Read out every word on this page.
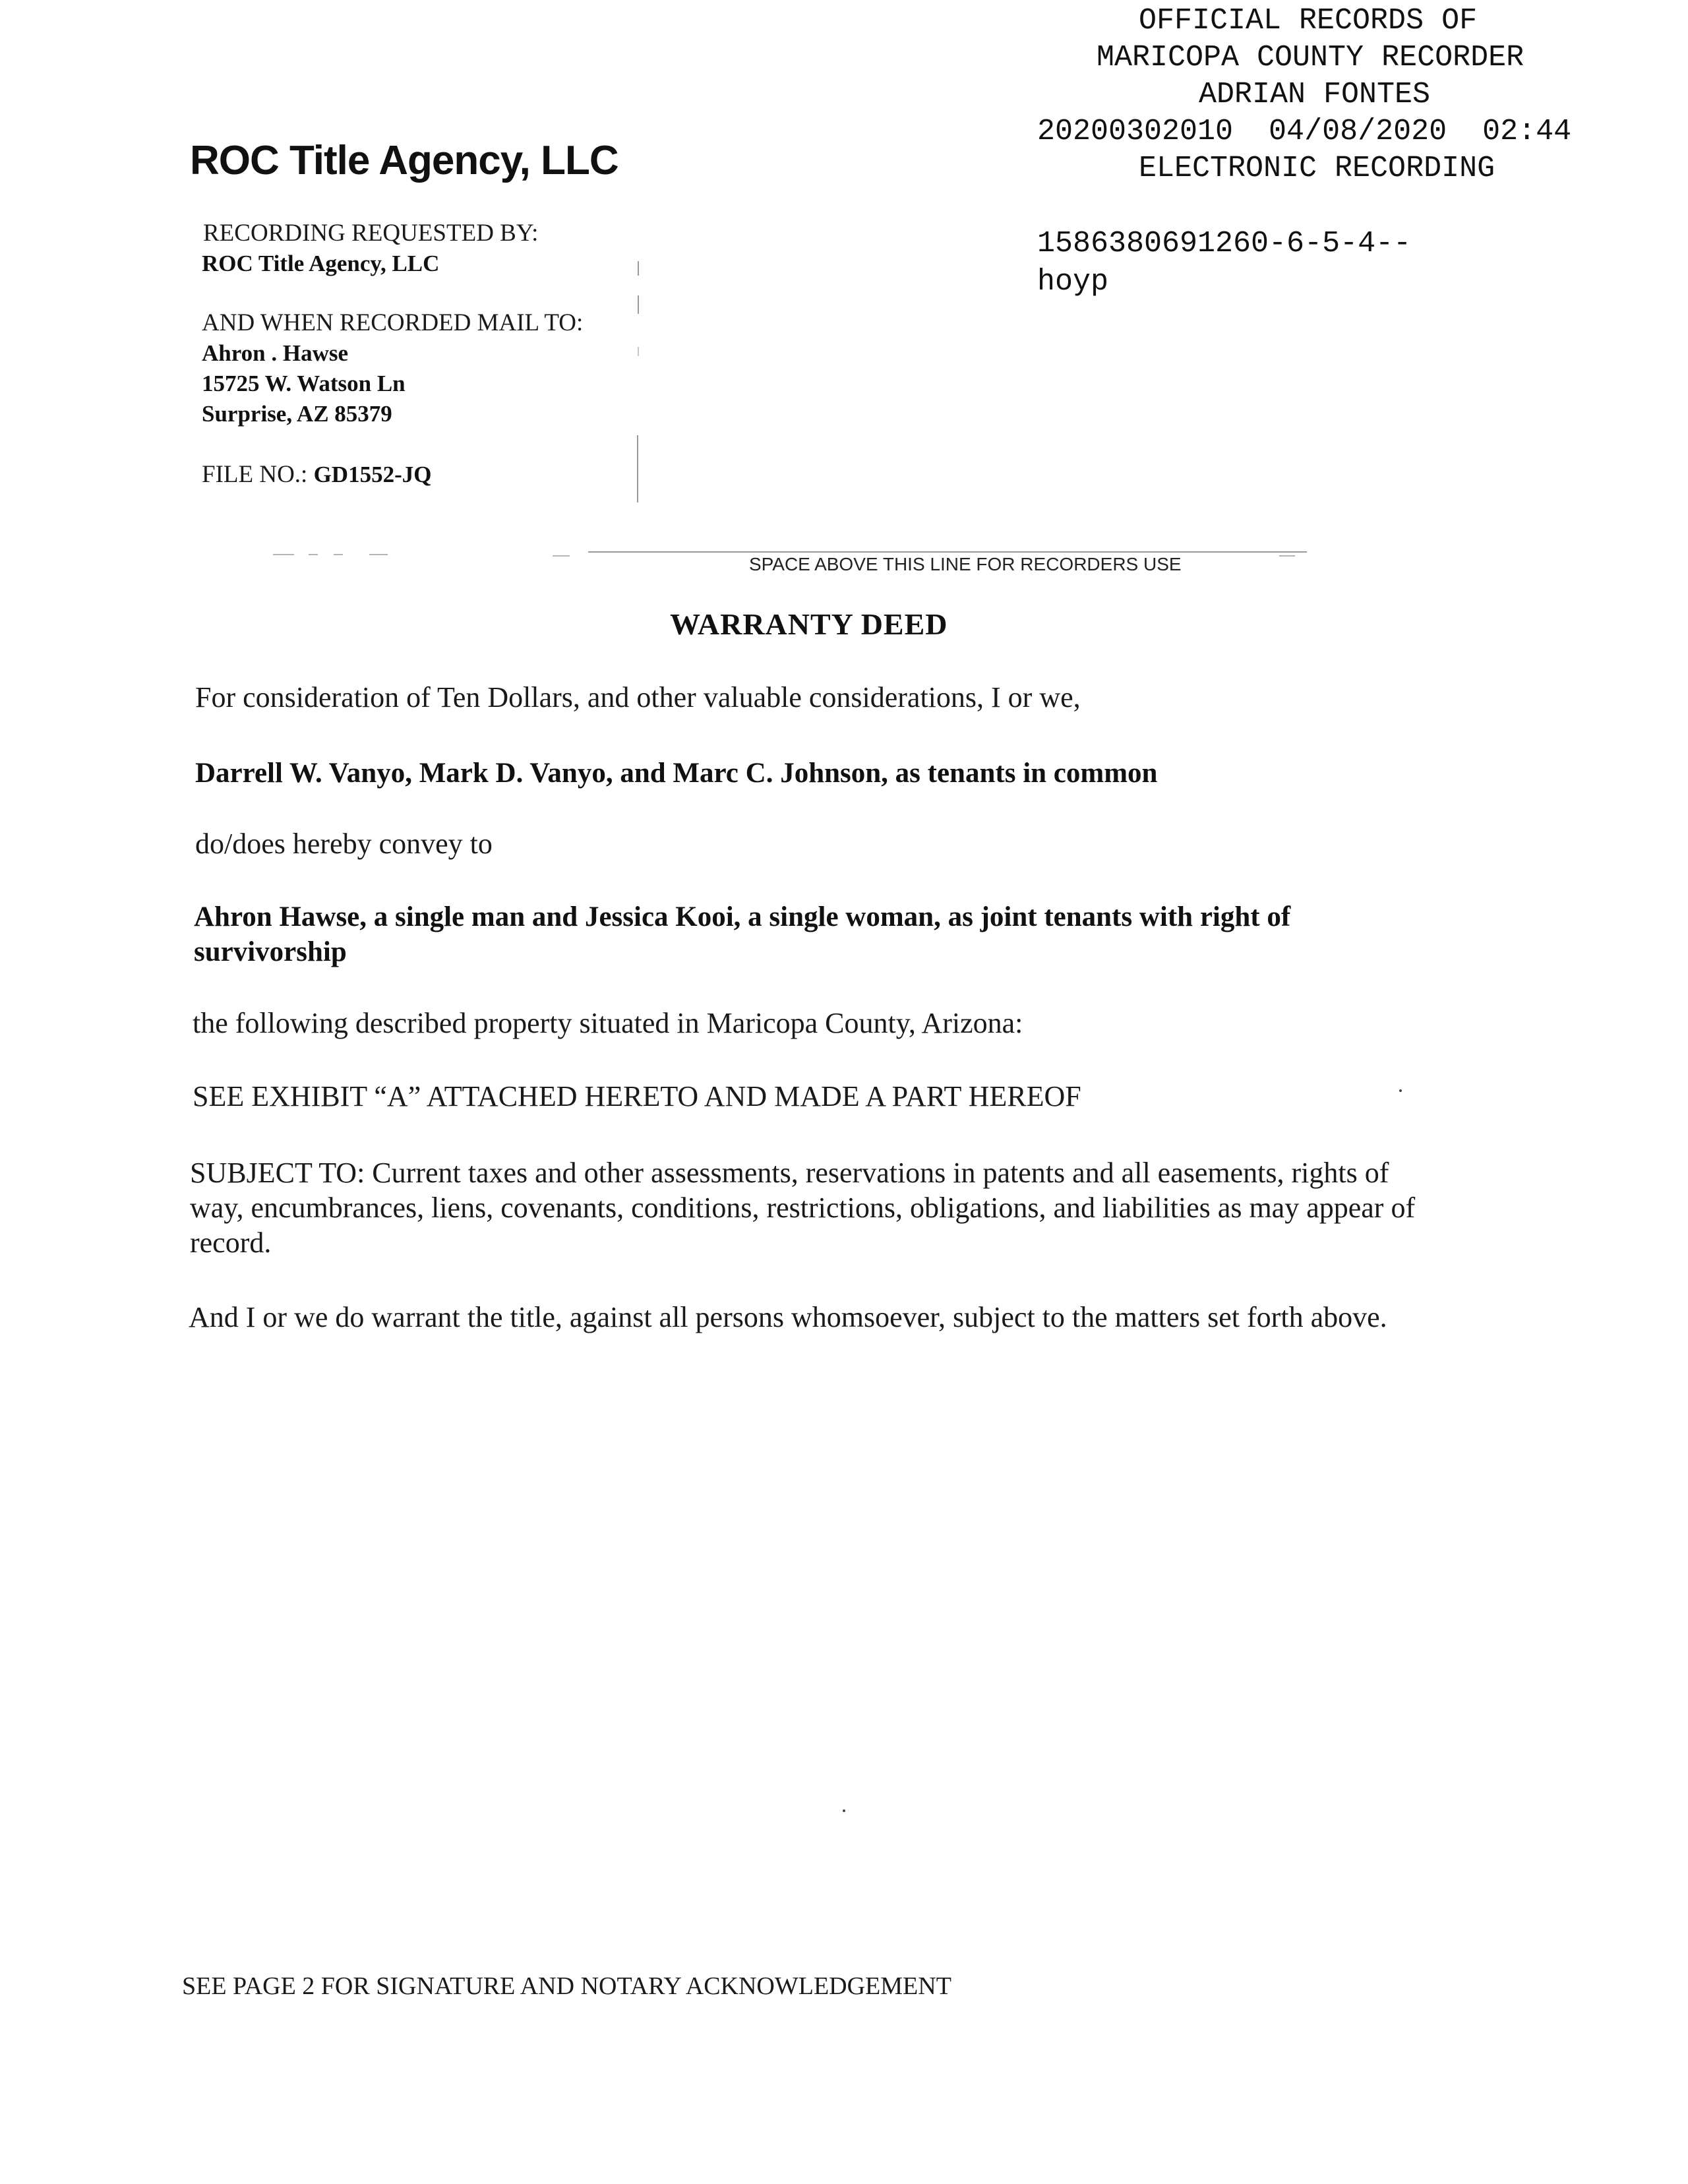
OFFICIAL RECORDS OF
MARICOPA COUNTY RECORDER
ADRIAN FONTES
20200302010  04/08/2020  02:44
ELECTRONIC RECORDING
1586380691260-6-5-4--
hoyp
ROC Title Agency, LLC
RECORDING REQUESTED BY:
ROC Title Agency, LLC
AND WHEN RECORDED MAIL TO:
Ahron . Hawse
15725 W. Watson Ln
Surprise, AZ 85379
FILE NO.: GD1552-JQ
SPACE ABOVE THIS LINE FOR RECORDERS USE
WARRANTY DEED
For consideration of Ten Dollars, and other valuable considerations, I or we,
Darrell W. Vanyo, Mark D. Vanyo, and Marc C. Johnson, as tenants in common
do/does hereby convey to
Ahron Hawse, a single man and Jessica Kooi, a single woman, as joint tenants with right of survivorship
the following described property situated in Maricopa County, Arizona:
SEE EXHIBIT “A” ATTACHED HERETO AND MADE A PART HEREOF
SUBJECT TO: Current taxes and other assessments, reservations in patents and all easements, rights of way, encumbrances, liens, covenants, conditions, restrictions, obligations, and liabilities as may appear of record.
And I or we do warrant the title, against all persons whomsoever, subject to the matters set forth above.
SEE PAGE 2 FOR SIGNATURE AND NOTARY ACKNOWLEDGEMENT
